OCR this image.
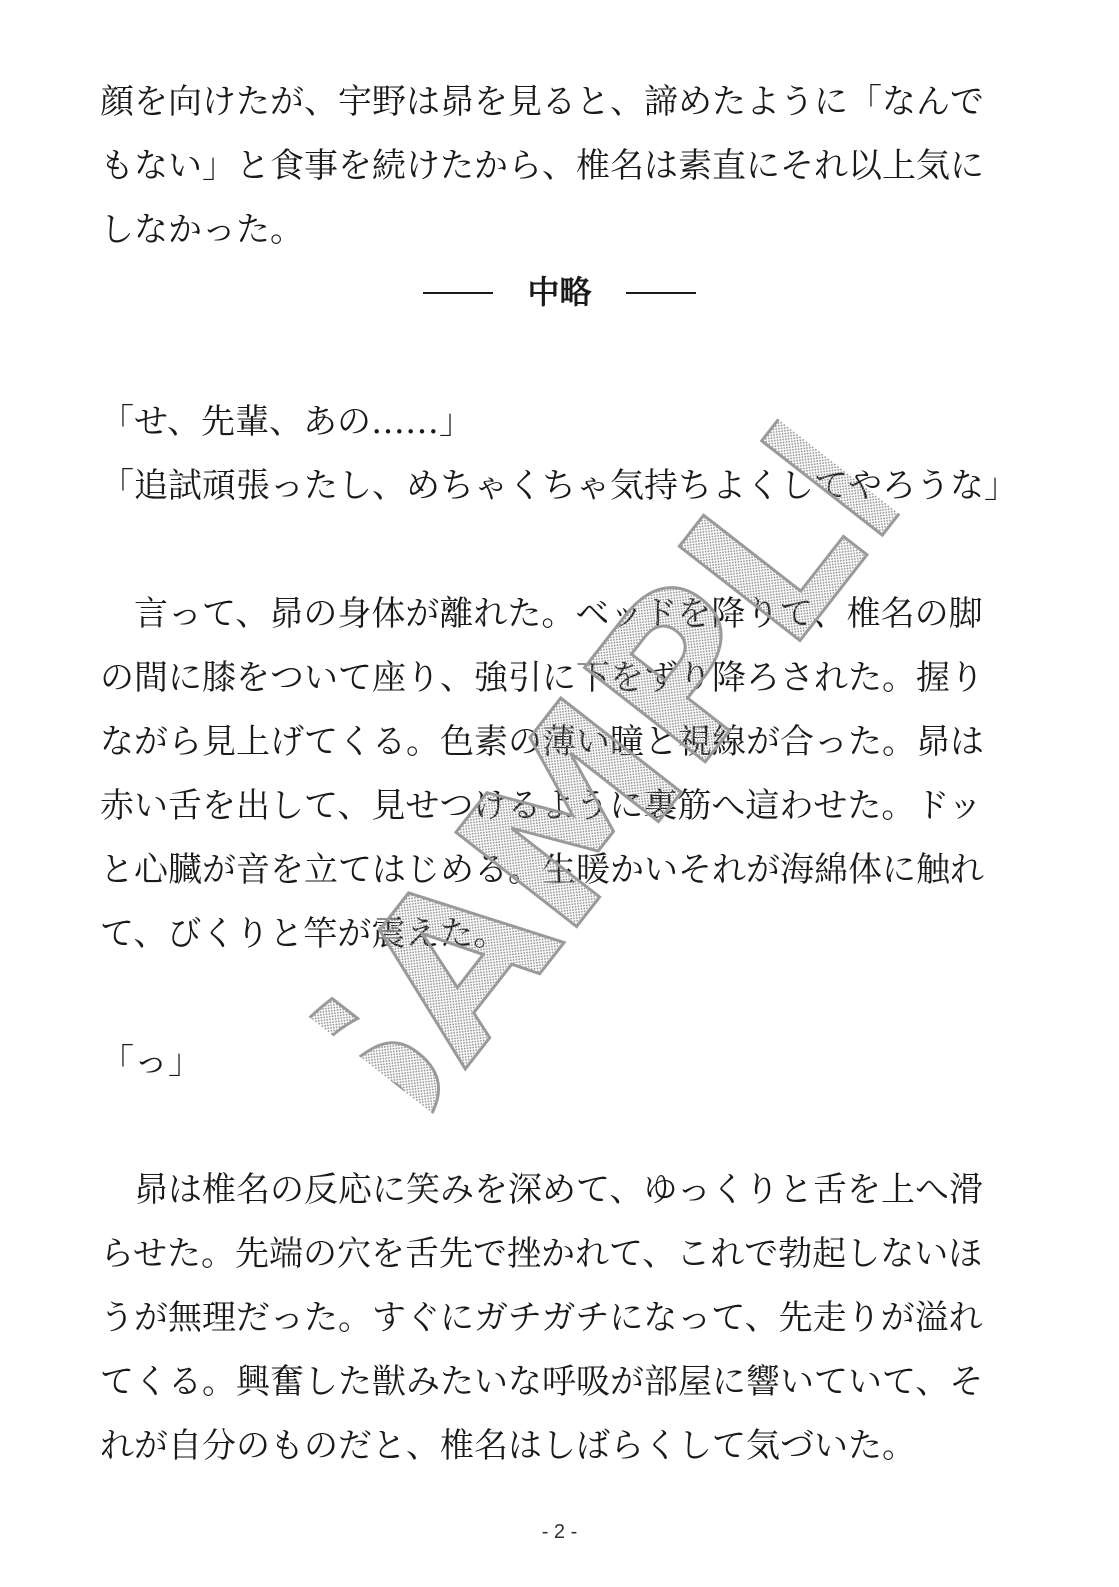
顔を向けたが、宇野は昴を見ると、諦めたように「なんで
もない」と食事を続けたから、椎名は素直にそれ以上気に
しなかった。
中略
「せ、先輩、あの……」
「追試頑張ったし、めちゃくちゃ気持ちよくしてやろうな」
言って、昴の身体が離れた。ベッドを降りて、椎名の脚
の間に膝をついて座り、強引に下をずり降ろされた。握り
ながら見上げてくる。色素の薄い瞳と視線が合った。昴は
赤い舌を出して、見せつけるように裏筋へ這わせた。ドッ
と心臓が音を立てはじめる。生暖かいそれが海綿体に触れ
て、びくりと竿が震えた。
「っ」
昴は椎名の反応に笑みを深めて、ゆっくりと舌を上へ滑
らせた。先端の穴を舌先で挫かれて、これで勃起しないほ
うが無理だった。すぐにガチガチになって、先走りが溢れ
てくる。興奮した獣みたいな呼吸が部屋に響いていて、そ
れが自分のものだと、椎名はしばらくして気づいた。
SAMPLE
- 2 -
